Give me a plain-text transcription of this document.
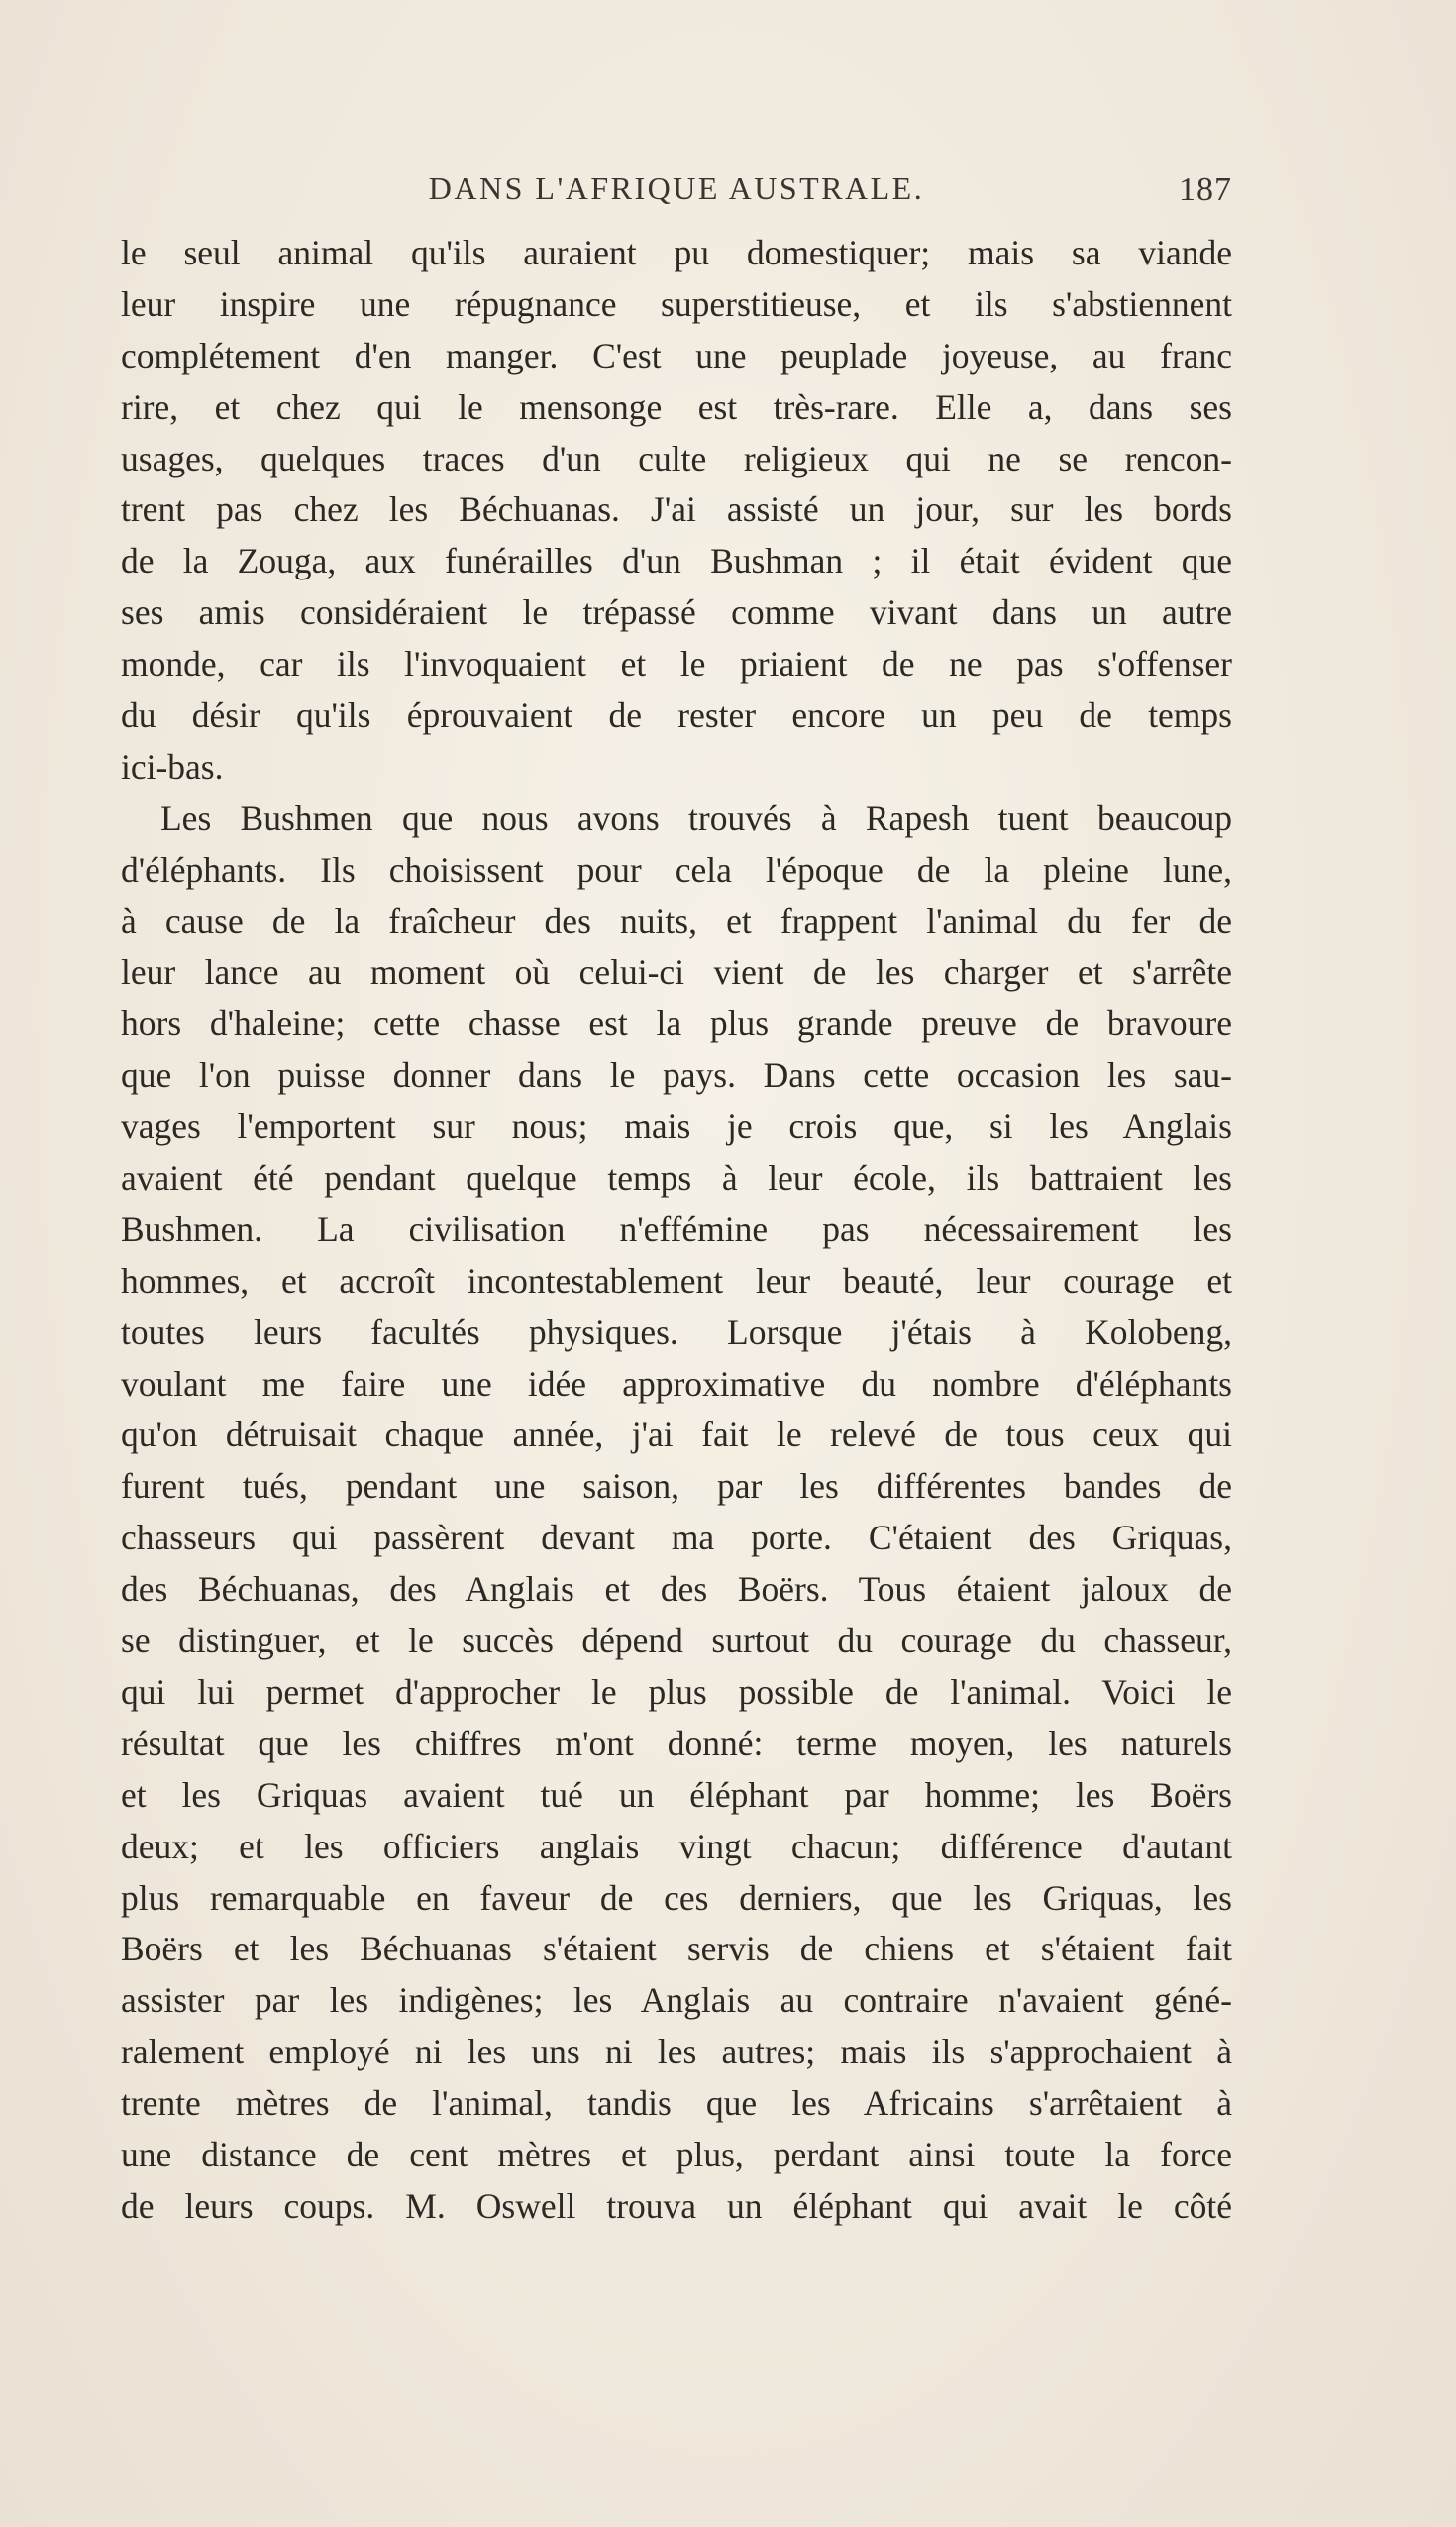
DANS L'AFRIQUE AUSTRALE.	187

le seul animal qu'ils auraient pu domestiquer; mais sa viande
leur inspire une répugnance superstitieuse, et ils s'abstiennent
complétement d'en manger. C'est une peuplade joyeuse, au franc
rire, et chez qui le mensonge est très-rare. Elle a, dans ses
usages, quelques traces d'un culte religieux qui ne se rencon-
trent pas chez les Béchuanas. J'ai assisté un jour, sur les bords
de la Zouga, aux funérailles d'un Bushman ; il était évident que
ses amis considéraient le trépassé comme vivant dans un autre
monde, car ils l'invoquaient et le priaient de ne pas s'offenser
du désir qu'ils éprouvaient de rester encore un peu de temps
ici-bas.

Les Bushmen que nous avons trouvés à Rapesh tuent beaucoup
d'éléphants. Ils choisissent pour cela l'époque de la pleine lune,
à cause de la fraîcheur des nuits, et frappent l'animal du fer de
leur lance au moment où celui-ci vient de les charger et s'arrête
hors d'haleine; cette chasse est la plus grande preuve de bravoure
que l'on puisse donner dans le pays. Dans cette occasion les sau-
vages l'emportent sur nous; mais je crois que, si les Anglais
avaient été pendant quelque temps à leur école, ils battraient les
Bushmen. La civilisation n'efféminе pas nécessairement les
hommes, et accroît incontestablement leur beauté, leur courage et
toutes leurs facultés physiques. Lorsque j'étais à Kolobeng,
voulant me faire une idée approximative du nombre d'éléphants
qu'on détruisait chaque année, j'ai fait le relevé de tous ceux qui
furent tués, pendant une saison, par les différentes bandes de
chasseurs qui passèrent devant ma porte. C'étaient des Griquas,
des Béchuanas, des Anglais et des Boërs. Tous étaient jaloux de
se distinguer, et le succès dépend surtout du courage du chasseur,
qui lui permet d'approcher le plus possible de l'animal. Voici le
résultat que les chiffres m'ont donné: terme moyen, les naturels
et les Griquas avaient tué un éléphant par homme; les Boërs
deux; et les officiers anglais vingt chacun; différence d'autant
plus remarquable en faveur de ces derniers, que les Griquas, les
Boërs et les Béchuanas s'étaient servis de chiens et s'étaient fait
assister par les indigènes; les Anglais au contraire n'avaient géné-
ralement employé ni les uns ni les autres; mais ils s'approchaient à
trente mètres de l'animal, tandis que les Africains s'arrêtaient à
une distance de cent mètres et plus, perdant ainsi toute la force
de leurs coups. M. Oswell trouva un éléphant qui avait le côté
